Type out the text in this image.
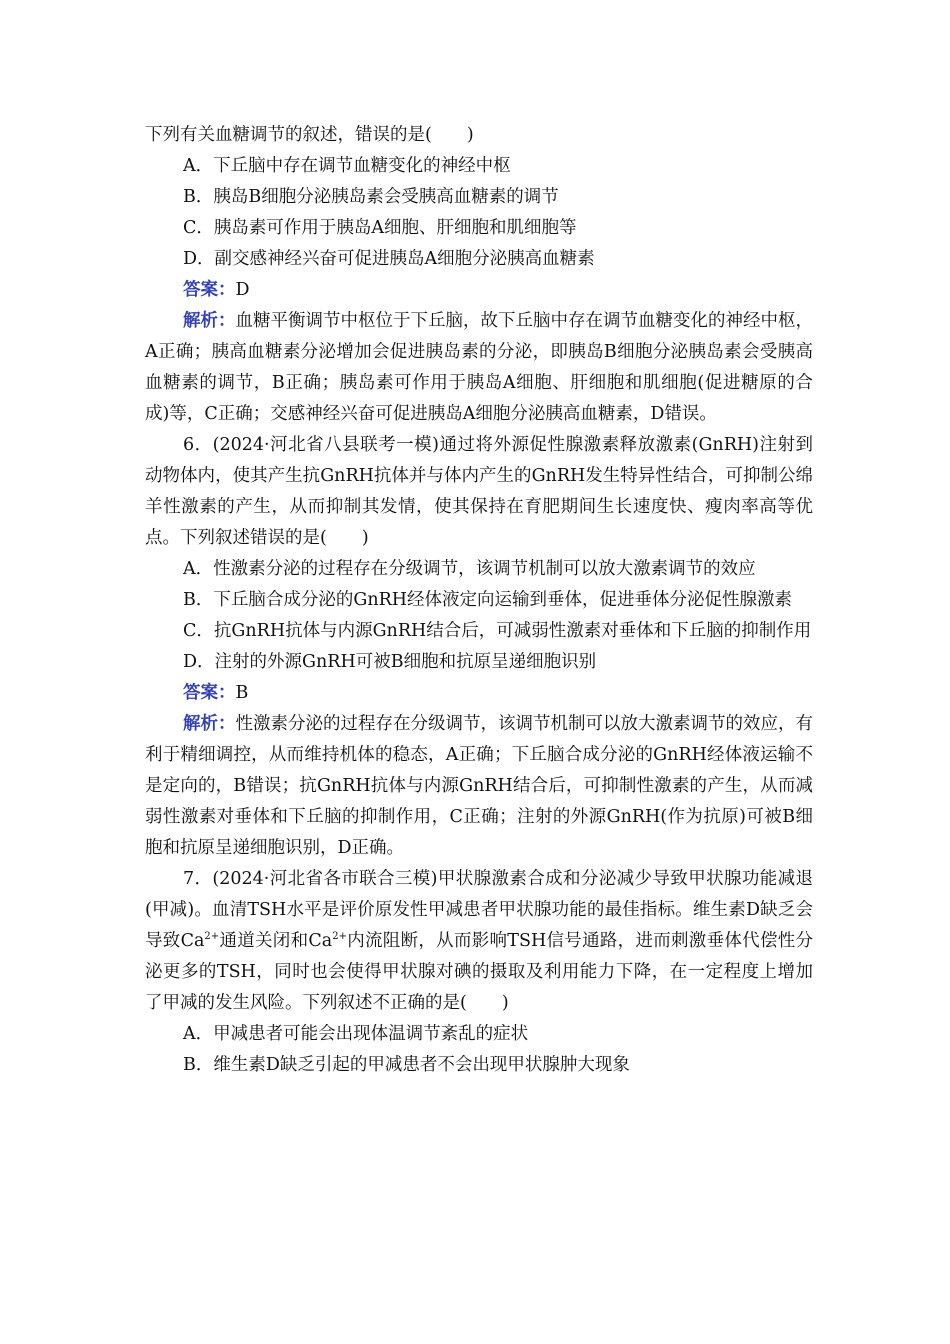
下列有关血糖调节的叙述，错误的是(　　)

A．下丘脑中存在调节血糖变化的神经中枢

B．胰岛B细胞分泌胰岛素会受胰高血糖素的调节

C．胰岛素可作用于胰岛A细胞、肝细胞和肌细胞等

D．副交感神经兴奋可促进胰岛A细胞分泌胰高血糖素

答案：D

解析：血糖平衡调节中枢位于下丘脑，故下丘脑中存在调节血糖变化的神经中枢，A正确；胰高血糖素分泌增加会促进胰岛素的分泌，即胰岛B细胞分泌胰岛素会受胰高血糖素的调节，B正确；胰岛素可作用于胰岛A细胞、肝细胞和肌细胞(促进糖原的合成)等，C正确；交感神经兴奋可促进胰岛A细胞分泌胰高血糖素，D错误。

6．(2024·河北省八县联考一模)通过将外源促性腺激素释放激素(GnRH)注射到动物体内，使其产生抗GnRH抗体并与体内产生的GnRH发生特异性结合，可抑制公绵羊性激素的产生，从而抑制其发情，使其保持在育肥期间生长速度快、瘦肉率高等优点。下列叙述错误的是(　　)

A．性激素分泌的过程存在分级调节，该调节机制可以放大激素调节的效应

B．下丘脑合成分泌的GnRH经体液定向运输到垂体，促进垂体分泌促性腺激素

C．抗GnRH抗体与内源GnRH结合后，可减弱性激素对垂体和下丘脑的抑制作用

D．注射的外源GnRH可被B细胞和抗原呈递细胞识别

答案：B

解析：性激素分泌的过程存在分级调节，该调节机制可以放大激素调节的效应，有利于精细调控，从而维持机体的稳态，A正确；下丘脑合成分泌的GnRH经体液运输不是定向的，B错误；抗GnRH抗体与内源GnRH结合后，可抑制性激素的产生，从而减弱性激素对垂体和下丘脑的抑制作用，C正确；注射的外源GnRH(作为抗原)可被B细胞和抗原呈递细胞识别，D正确。

7．(2024·河北省各市联合三模)甲状腺激素合成和分泌减少导致甲状腺功能减退(甲减)。血清TSH水平是评价原发性甲减患者甲状腺功能的最佳指标。维生素D缺乏会导致$Ca^{2+}$通道关闭和$Ca^{2+}$内流阻断，从而影响TSH信号通路，进而刺激垂体代偿性分泌更多的TSH，同时也会使得甲状腺对碘的摄取及利用能力下降，在一定程度上增加了甲减的发生风险。下列叙述不正确的是(　　)

A．甲减患者可能会出现体温调节紊乱的症状

B．维生素D缺乏引起的甲减患者不会出现甲状腺肿大现象
